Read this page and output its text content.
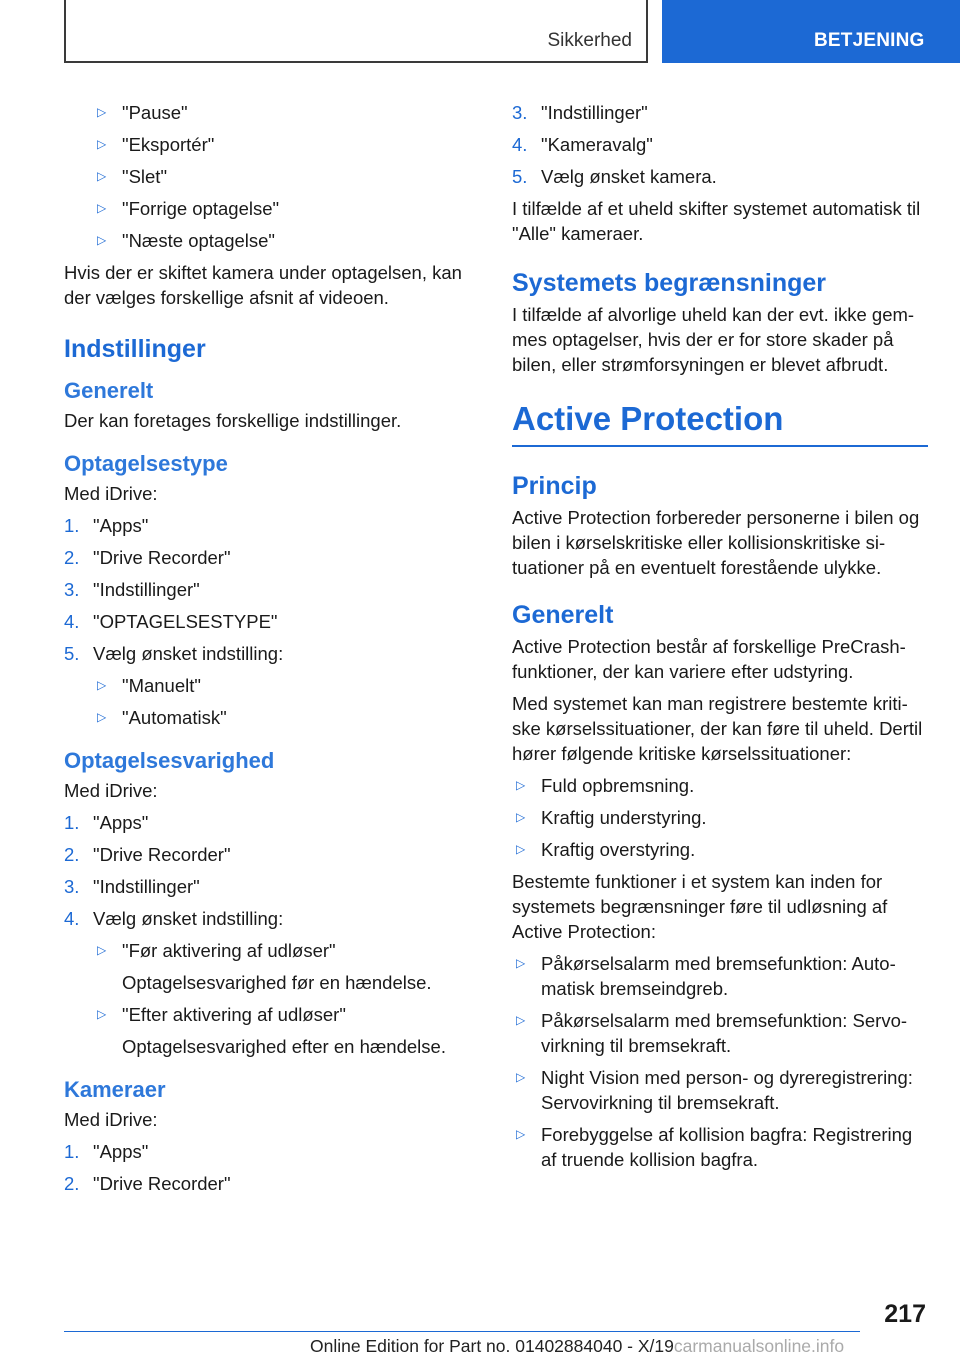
Sikkerhed	BETJENING
▷ "Pause"
▷ "Eksportér"
▷ "Slet"
▷ "Forrige optagelse"
▷ "Næste optagelse"

Hvis der er skiftet kamera under optagelsen, kan der vælges forskellige afsnit af videoen.

Indstillinger
Generelt

Der kan foretages forskellige indstillinger.

Optagelsestype

Med iDrive:

1. "Apps"
2. "Drive Recorder"
3. "Indstillinger"
4. "OPTAGELSESTYPE"
5. Vælg ønsket indstilling:
▷ "Manuelt"
▷ "Automatisk"
Optagelsesvarighed

Med iDrive:

1. "Apps"
2. "Drive Recorder"
3. "Indstillinger"
4. Vælg ønsket indstilling:
▷ "Før aktivering af udløser"
Optagelsesvarighed før en hændelse.
▷ "Efter aktivering af udløser"
Optagelsesvarighed efter en hændelse.
Kameraer

Med iDrive:

1. "Apps"
2. "Drive Recorder"
3. "Indstillinger"
4. "Kameravalg"
5. Vælg ønsket kamera.

I tilfælde af et uheld skifter systemet automatisk til "Alle" kameraer.

Systemets begrænsninger

I tilfælde af alvorlige uheld kan der evt. ikke gemmes optagelser, hvis der er for store skader på bilen, eller strømforsyningen er blevet afbrudt.

Active Protection
Princip

Active Protection forbereder personerne i bilen og bilen i kørselskritiske eller kollisionskritiske situationer på en eventuelt forestående ulykke.

Generelt

Active Protection består af forskellige PreCrash-funktioner, der kan variere efter udstyring.

Med systemet kan man registrere bestemte kritiske kørselssituationer, der kan føre til uheld. Dertil hører følgende kritiske kørselssituationer:

▷ Fuld opbremsning.
▷ Kraftig understyring.
▷ Kraftig overstyring.

Bestemte funktioner i et system kan inden for systemets begrænsninger føre til udløsning af Active Protection:

▷ Påkørselsalarm med bremsefunktion: Automatisk bremseindgreb.
▷ Påkørselsalarm med bremsefunktion: Servovirkning til bremsekraft.
▷ Night Vision med person- og dyreregistrering: Servovirkning til bremsekraft.
▷ Forebyggelse af kollision bagfra: Registrering af truende kollision bagfra.
217
Online Edition for Part no. 01402884040 - X/19carmanualsonline.info
